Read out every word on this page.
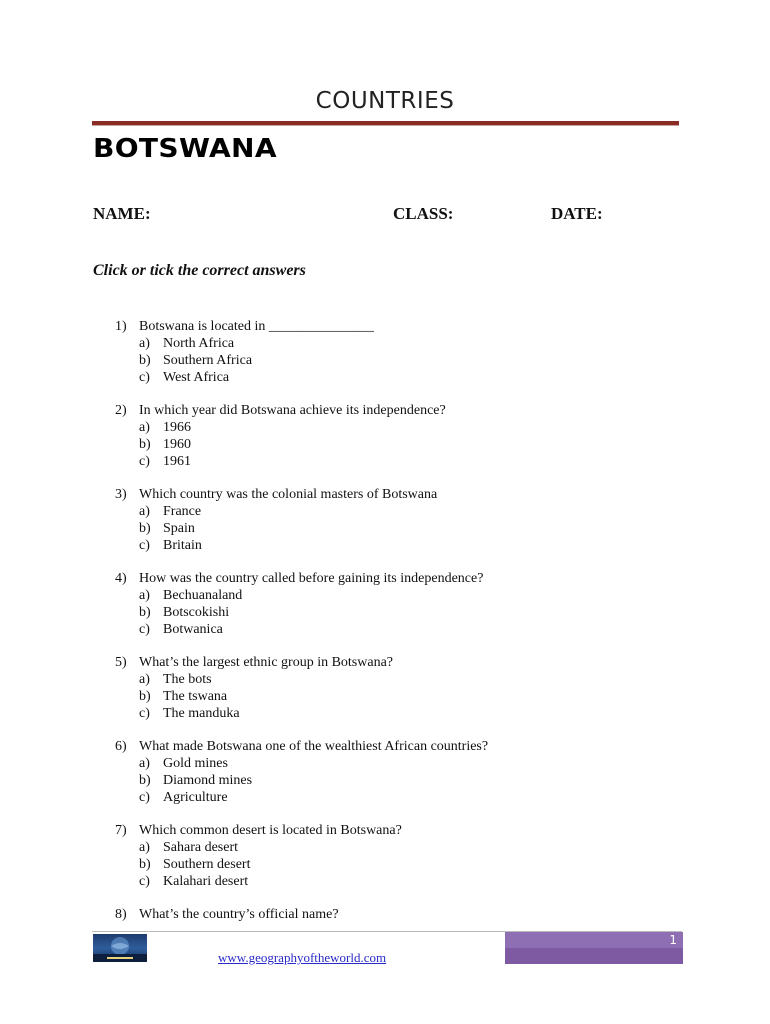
COUNTRIES
BOTSWANA
NAME:	CLASS:	DATE:
Click or tick the correct answers
1) Botswana is located in _______________
a) North Africa
b) Southern Africa
c) West Africa
2) In which year did Botswana achieve its independence?
a) 1966
b) 1960
c) 1961
3) Which country was the colonial masters of Botswana
a) France
b) Spain
c) Britain
4) How was the country called before gaining its independence?
a) Bechuanaland
b) Botscokishi
c) Botwanica
5) What’s the largest ethnic group in Botswana?
a) The bots
b) The tswana
c) The manduka
6) What made Botswana one of the wealthiest African countries?
a) Gold mines
b) Diamond mines
c) Agriculture
7) Which common desert is located in Botswana?
a) Sahara desert
b) Southern desert
c) Kalahari desert
8) What’s the country’s official name?
www.geographyoftheworld.com
1
